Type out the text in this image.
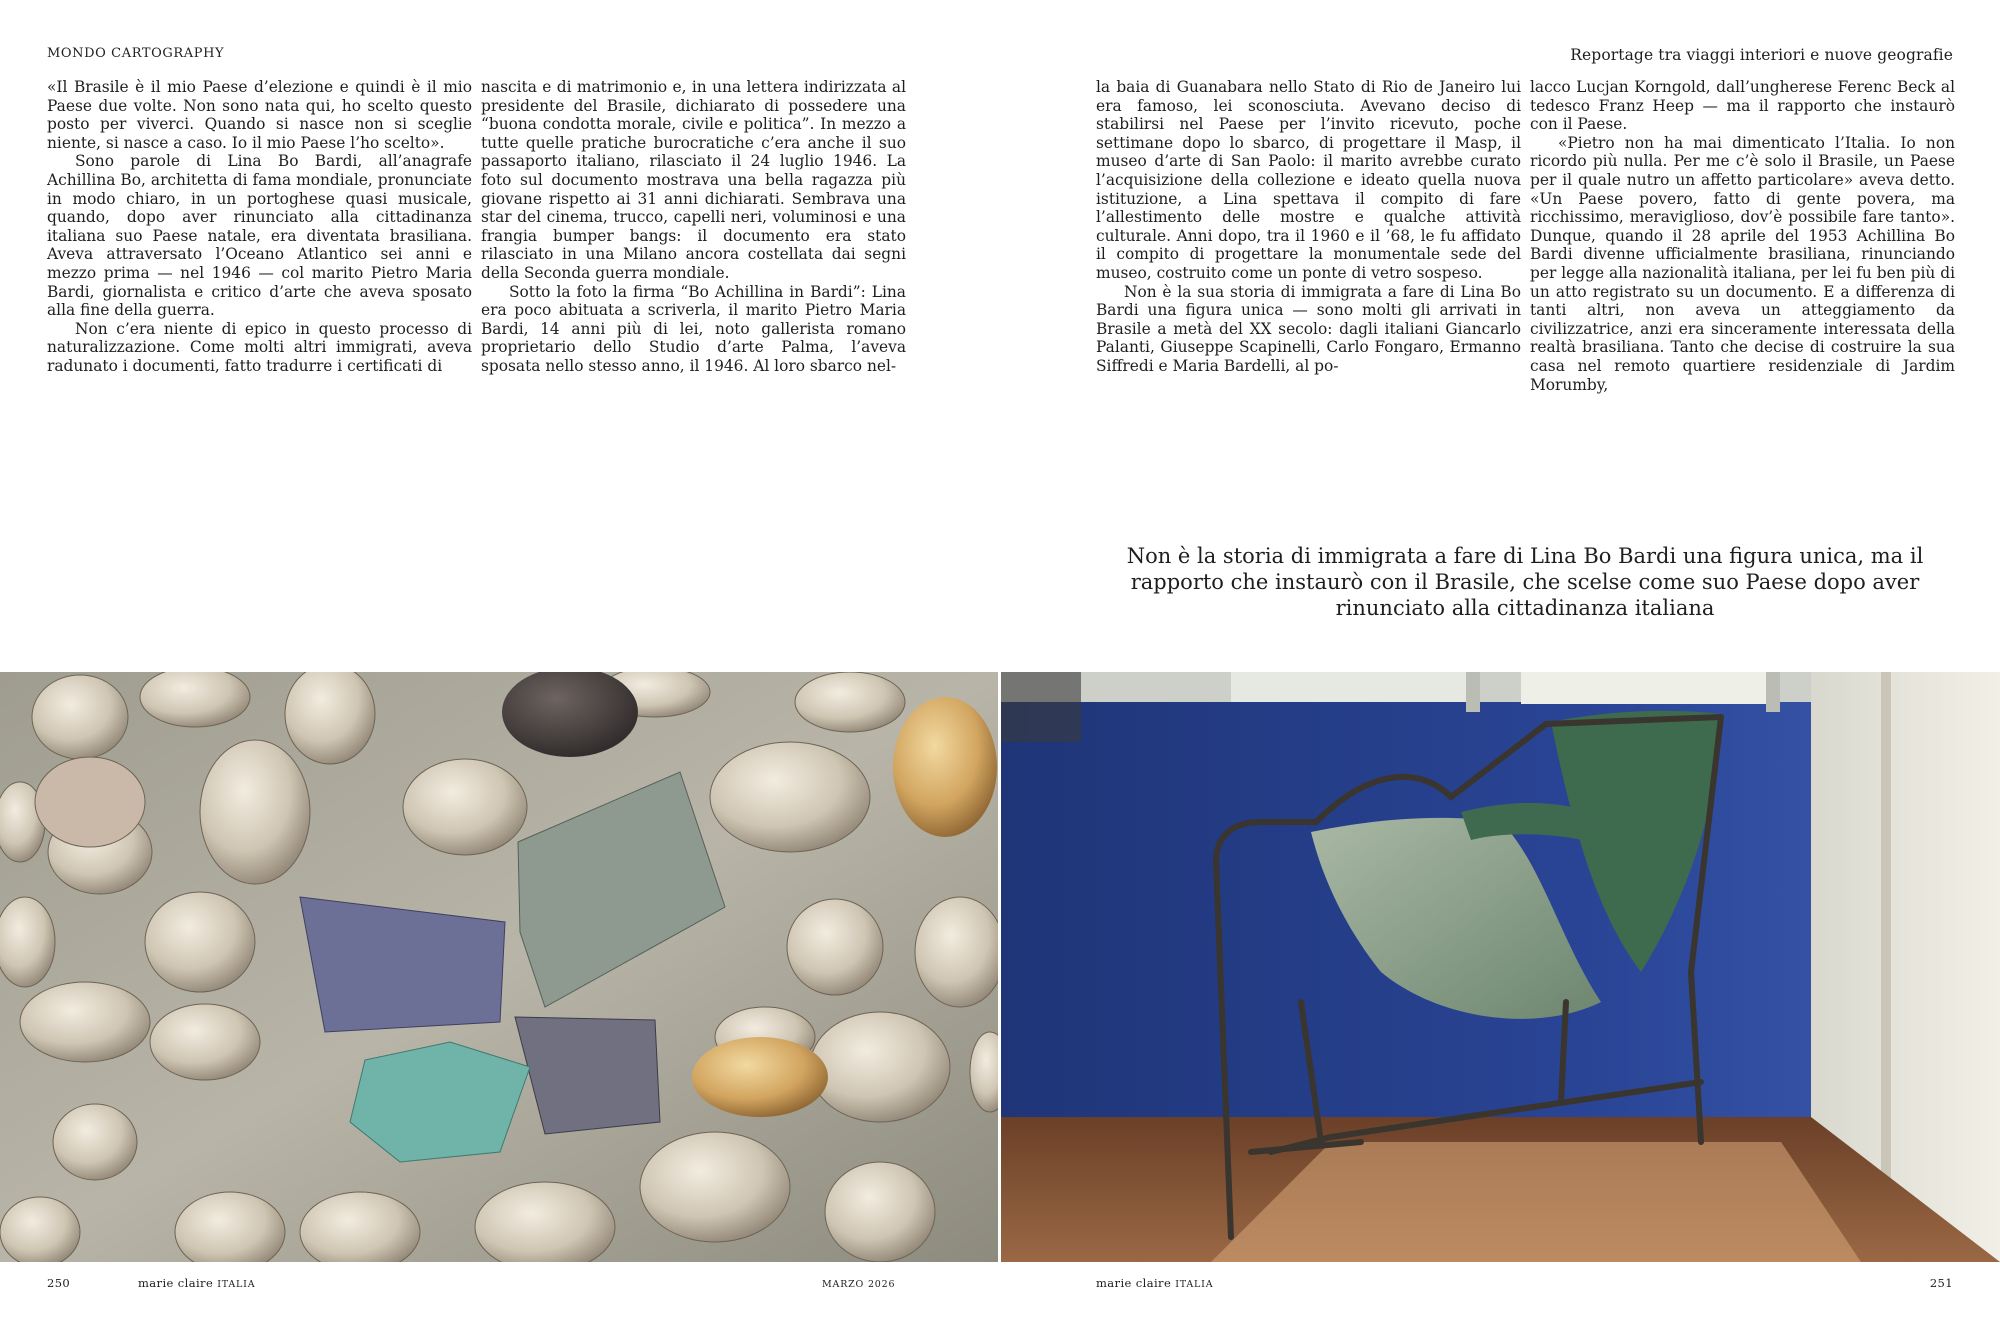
MONDO CARTOGRAPHY	Reportage tra viaggi interiori e nuove geografie

«Il Brasile è il mio Paese d’elezione e quindi è il mio Paese due volte. Non sono nata qui, ho scelto questo posto per viverci. Quando si nasce non si sceglie niente, si nasce a caso. Io il mio Paese l’ho scelto».

Sono parole di Lina Bo Bardi, all’anagrafe Achillina Bo, architetta di fama mondiale, pronunciate in modo chiaro, in un portoghese quasi musicale, quando, dopo aver rinunciato alla cittadinanza italiana suo Paese natale, era diventata brasiliana. Aveva attraversato l’Oceano Atlantico sei anni e mezzo prima — nel 1946 — col marito Pietro Maria Bardi, giornalista e critico d’arte che aveva sposato alla fine della guerra.

Non c’era niente di epico in questo processo di naturalizzazione. Come molti altri immigrati, aveva radunato i documenti, fatto tradurre i certificati di

nascita e di matrimonio e, in una lettera indirizzata al presidente del Brasile, dichiarato di possedere una “buona condotta morale, civile e politica”. In mezzo a tutte quelle pratiche burocratiche c’era anche il suo passaporto italiano, rilasciato il 24 luglio 1946. La foto sul documento mostrava una bella ragazza più giovane rispetto ai 31 anni dichiarati. Sembrava una star del cinema, trucco, capelli neri, voluminosi e una frangia bumper bangs: il documento era stato rilasciato in una Milano ancora costellata dai segni della Seconda guerra mondiale.

Sotto la foto la firma “Bo Achillina in Bardi”: Lina era poco abituata a scriverla, il marito Pietro Maria Bardi, 14 anni più di lei, noto gallerista romano proprietario dello Studio d’arte Palma, l’aveva sposata nello stesso anno, il 1946. Al loro sbarco nel-

la baia di Guanabara nello Stato di Rio de Janeiro lui era famoso, lei sconosciuta. Avevano deciso di stabilirsi nel Paese per l’invito ricevuto, poche settimane dopo lo sbarco, di progettare il Masp, il museo d’arte di San Paolo: il marito avrebbe curato l’acquisizione della collezione e ideato quella nuova istituzione, a Lina spettava il compito di fare l’allestimento delle mostre e qualche attività culturale. Anni dopo, tra il 1960 e il ’68, le fu affidato il compito di progettare la monumentale sede del museo, costruito come un ponte di vetro sospeso.

Non è la sua storia di immigrata a fare di Lina Bo Bardi una figura unica — sono molti gli arrivati in Brasile a metà del XX secolo: dagli italiani Giancarlo Palanti, Giuseppe Scapinelli, Carlo Fongaro, Ermanno Siffredi e Maria Bardelli, al po-

lacco Lucjan Korngold, dall’ungherese Ferenc Beck al tedesco Franz Heep — ma il rapporto che instaurò con il Paese.

«Pietro non ha mai dimenticato l’Italia. Io non ricordo più nulla. Per me c’è solo il Brasile, un Paese per il quale nutro un affetto particolare» aveva detto. «Un Paese povero, fatto di gente povera, ma ricchissimo, meraviglioso, dov’è possibile fare tanto». Dunque, quando il 28 aprile del 1953 Achillina Bo Bardi divenne ufficialmente brasiliana, rinunciando per legge alla nazionalità italiana, per lei fu ben più di un atto registrato su un documento. E a differenza di tanti altri, non aveva un atteggiamento da civilizzatrice, anzi era sinceramente interessata della realtà brasiliana. Tanto che decise di costruire la sua casa nel remoto quartiere residenziale di Jardim Morumby,

Non è la storia di immigrata a fare di Lina Bo Bardi una figura unica, ma il rapporto che instaurò con il Brasile, che scelse come suo Paese dopo aver rinunciato alla cittadinanza italiana
250	marie claire ITALIA	MARZO 2026	marie claire ITALIA	251
